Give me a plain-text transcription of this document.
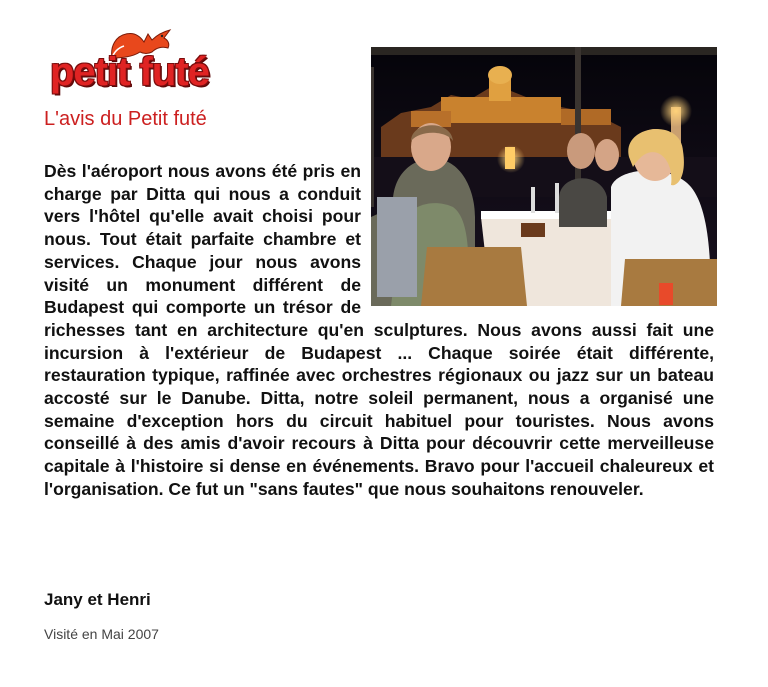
petit futé
L'avis du Petit futé
Dès l'aéroport nous avons été pris en charge par Ditta qui nous a conduit vers l'hôtel qu'elle avait choisi pour nous. Tout était parfaite chambre et services. Chaque jour nous avons visité un monument différent de Budapest qui comporte un trésor de richesses tant en architecture qu'en sculptures. Nous avons aussi fait une incursion à l'extérieur de Budapest ... Chaque soirée était différente, restauration typique, raffinée avec orchestres régionaux ou jazz sur un bateau accosté sur le Danube. Ditta, notre soleil permanent, nous a organisé une semaine d'exception hors du circuit habituel pour touristes. Nous avons conseillé à des amis d'avoir recours à Ditta pour découvrir cette merveilleuse capitale à l'histoire si dense en événements. Bravo pour l'accueil chaleureux et l'organisation. Ce fut un "sans fautes" que nous souhaitons renouveler.
Jany et Henri
Visité en Mai 2007
